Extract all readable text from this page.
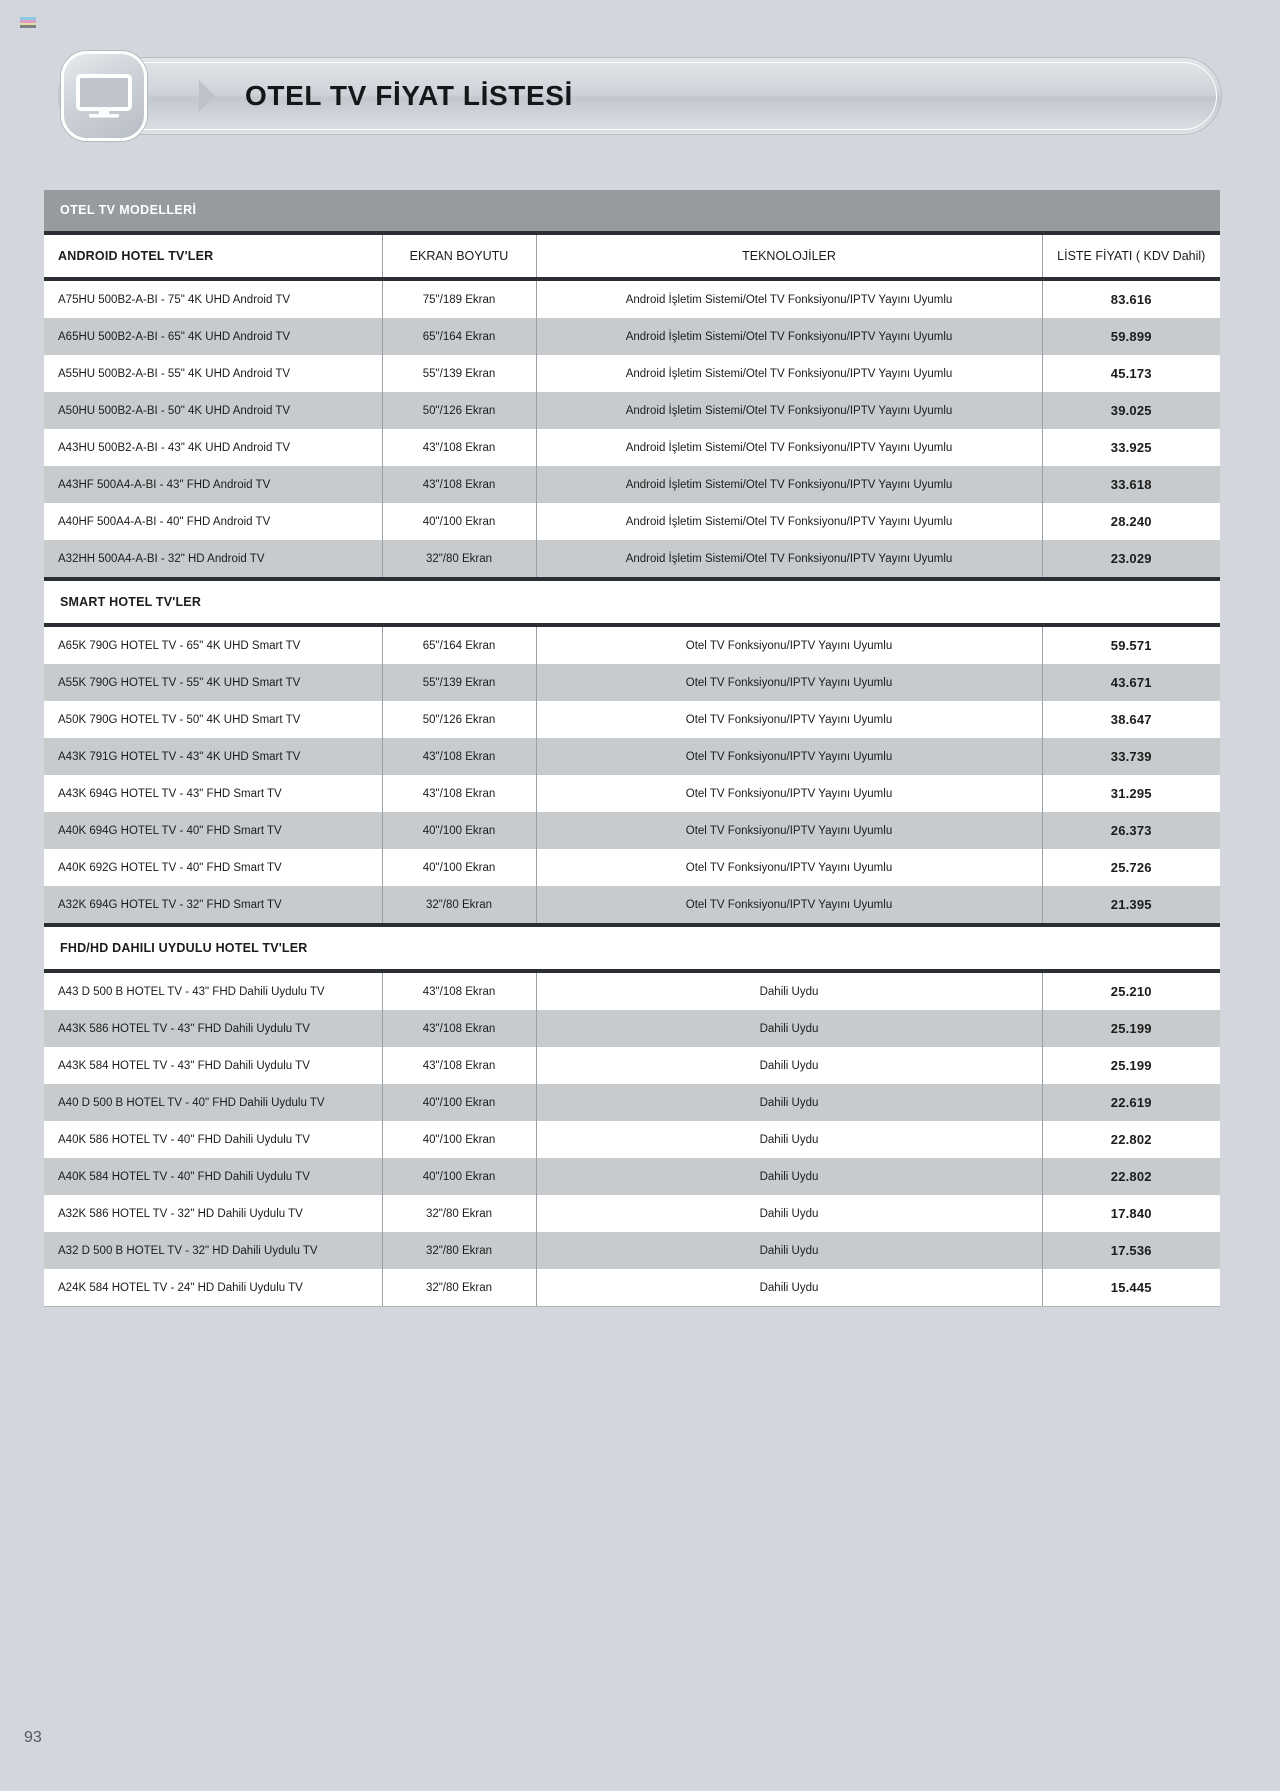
OTEL TV FİYAT LİSTESİ
OTEL TV MODELLERİ			
ANDROID HOTEL TV'LER	EKRAN BOYUTU	TEKNOLOJİLER	LİSTE FİYATI ( KDV Dahil)
A75HU 500B2-A-BI - 75" 4K UHD Android TV	75"/189 Ekran	Android İşletim Sistemi/Otel TV Fonksiyonu/IPTV Yayını Uyumlu	83.616
A65HU 500B2-A-BI - 65" 4K UHD Android TV	65"/164 Ekran	Android İşletim Sistemi/Otel TV Fonksiyonu/IPTV Yayını Uyumlu	59.899
A55HU 500B2-A-BI - 55" 4K UHD Android TV	55"/139 Ekran	Android İşletim Sistemi/Otel TV Fonksiyonu/IPTV Yayını Uyumlu	45.173
A50HU 500B2-A-BI - 50" 4K UHD Android TV	50"/126 Ekran	Android İşletim Sistemi/Otel TV Fonksiyonu/IPTV Yayını Uyumlu	39.025
A43HU 500B2-A-BI - 43" 4K UHD Android TV	43"/108 Ekran	Android İşletim Sistemi/Otel TV Fonksiyonu/IPTV Yayını Uyumlu	33.925
A43HF 500A4-A-BI - 43" FHD Android TV	43"/108 Ekran	Android İşletim Sistemi/Otel TV Fonksiyonu/IPTV Yayını Uyumlu	33.618
A40HF 500A4-A-BI - 40" FHD Android TV	40"/100 Ekran	Android İşletim Sistemi/Otel TV Fonksiyonu/IPTV Yayını Uyumlu	28.240
A32HH 500A4-A-BI - 32" HD Android TV	32"/80 Ekran	Android İşletim Sistemi/Otel TV Fonksiyonu/IPTV Yayını Uyumlu	23.029
SMART HOTEL TV'LER			
A65K 790G HOTEL TV - 65" 4K UHD Smart TV	65"/164 Ekran	Otel TV Fonksiyonu/IPTV Yayını Uyumlu	59.571
A55K 790G HOTEL TV - 55" 4K UHD Smart TV	55"/139 Ekran	Otel TV Fonksiyonu/IPTV Yayını Uyumlu	43.671
A50K 790G HOTEL TV - 50" 4K UHD Smart TV	50"/126 Ekran	Otel TV Fonksiyonu/IPTV Yayını Uyumlu	38.647
A43K 791G HOTEL TV - 43" 4K UHD Smart TV	43"/108 Ekran	Otel TV Fonksiyonu/IPTV Yayını Uyumlu	33.739
A43K 694G HOTEL TV - 43" FHD Smart TV	43"/108 Ekran	Otel TV Fonksiyonu/IPTV Yayını Uyumlu	31.295
A40K 694G HOTEL TV - 40" FHD Smart TV	40"/100 Ekran	Otel TV Fonksiyonu/IPTV Yayını Uyumlu	26.373
A40K 692G HOTEL TV - 40" FHD Smart TV	40"/100 Ekran	Otel TV Fonksiyonu/IPTV Yayını Uyumlu	25.726
A32K 694G HOTEL TV - 32" FHD Smart TV	32"/80 Ekran	Otel TV Fonksiyonu/IPTV Yayını Uyumlu	21.395
FHD/HD DAHILI UYDULU HOTEL TV'LER			
A43 D 500 B HOTEL TV - 43" FHD Dahili Uydulu TV	43"/108 Ekran	Dahili Uydu	25.210
A43K 586 HOTEL TV - 43" FHD Dahili Uydulu TV	43"/108 Ekran	Dahili Uydu	25.199
A43K 584 HOTEL TV - 43" FHD Dahili Uydulu TV	43"/108 Ekran	Dahili Uydu	25.199
A40 D 500 B HOTEL TV - 40" FHD Dahili Uydulu TV	40"/100 Ekran	Dahili Uydu	22.619
A40K 586 HOTEL TV - 40" FHD Dahili Uydulu TV	40"/100 Ekran	Dahili Uydu	22.802
A40K 584 HOTEL TV - 40" FHD Dahili Uydulu TV	40"/100 Ekran	Dahili Uydu	22.802
A32K 586 HOTEL TV - 32" HD Dahili Uydulu TV	32"/80 Ekran	Dahili Uydu	17.840
A32 D 500 B HOTEL TV - 32" HD Dahili Uydulu TV	32"/80 Ekran	Dahili Uydu	17.536
A24K 584 HOTEL TV - 24" HD Dahili Uydulu TV	32"/80 Ekran	Dahili Uydu	15.445
93
